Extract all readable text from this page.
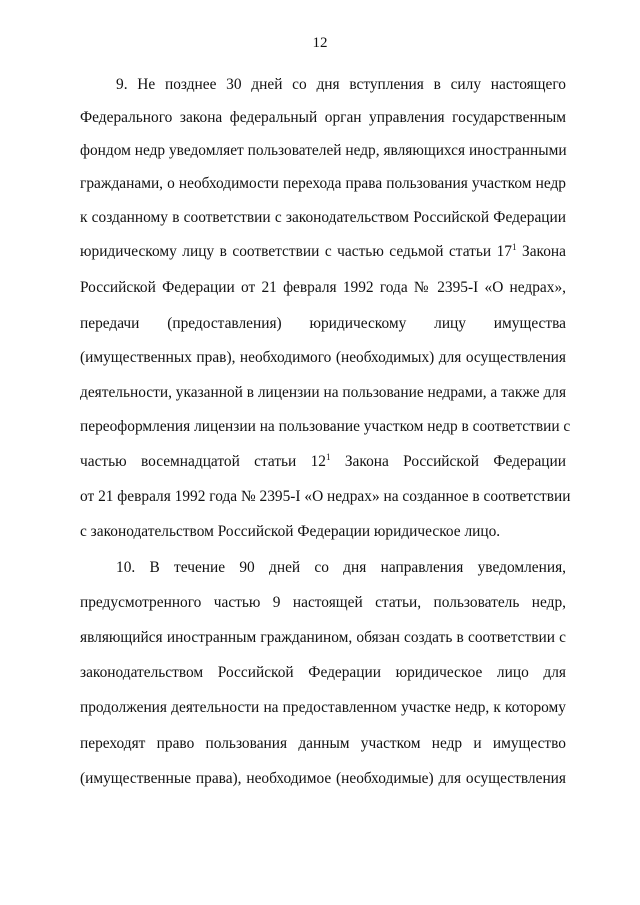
12
9. Не позднее 30 дней со дня вступления в силу настоящего
Федерального закона федеральный орган управления государственным
фондом недр уведомляет пользователей недр, являющихся иностранными
гражданами, о необходимости перехода права пользования участком недр
к созданному в соответствии с законодательством Российской Федерации
юридическому лицу в соответствии с частью седьмой статьи $17^1$ Закона
Российской Федерации от 21 февраля 1992 года № 2395-I «О недрах»,
передачи (предоставления) юридическому лицу имущества
(имущественных прав), необходимого (необходимых) для осуществления
деятельности, указанной в лицензии на пользование недрами, а также для
переоформления лицензии на пользование участком недр в соответствии с
частью восемнадцатой статьи $12^1$ Закона Российской Федерации
от 21 февраля 1992 года № 2395-I «О недрах» на созданное в соответствии
с законодательством Российской Федерации юридическое лицо.
10. В течение 90 дней со дня направления уведомления,
предусмотренного частью 9 настоящей статьи, пользователь недр,
являющийся иностранным гражданином, обязан создать в соответствии с
законодательством Российской Федерации юридическое лицо для
продолжения деятельности на предоставленном участке недр, к которому
переходят право пользования данным участком недр и имущество
(имущественные права), необходимое (необходимые) для осуществления
